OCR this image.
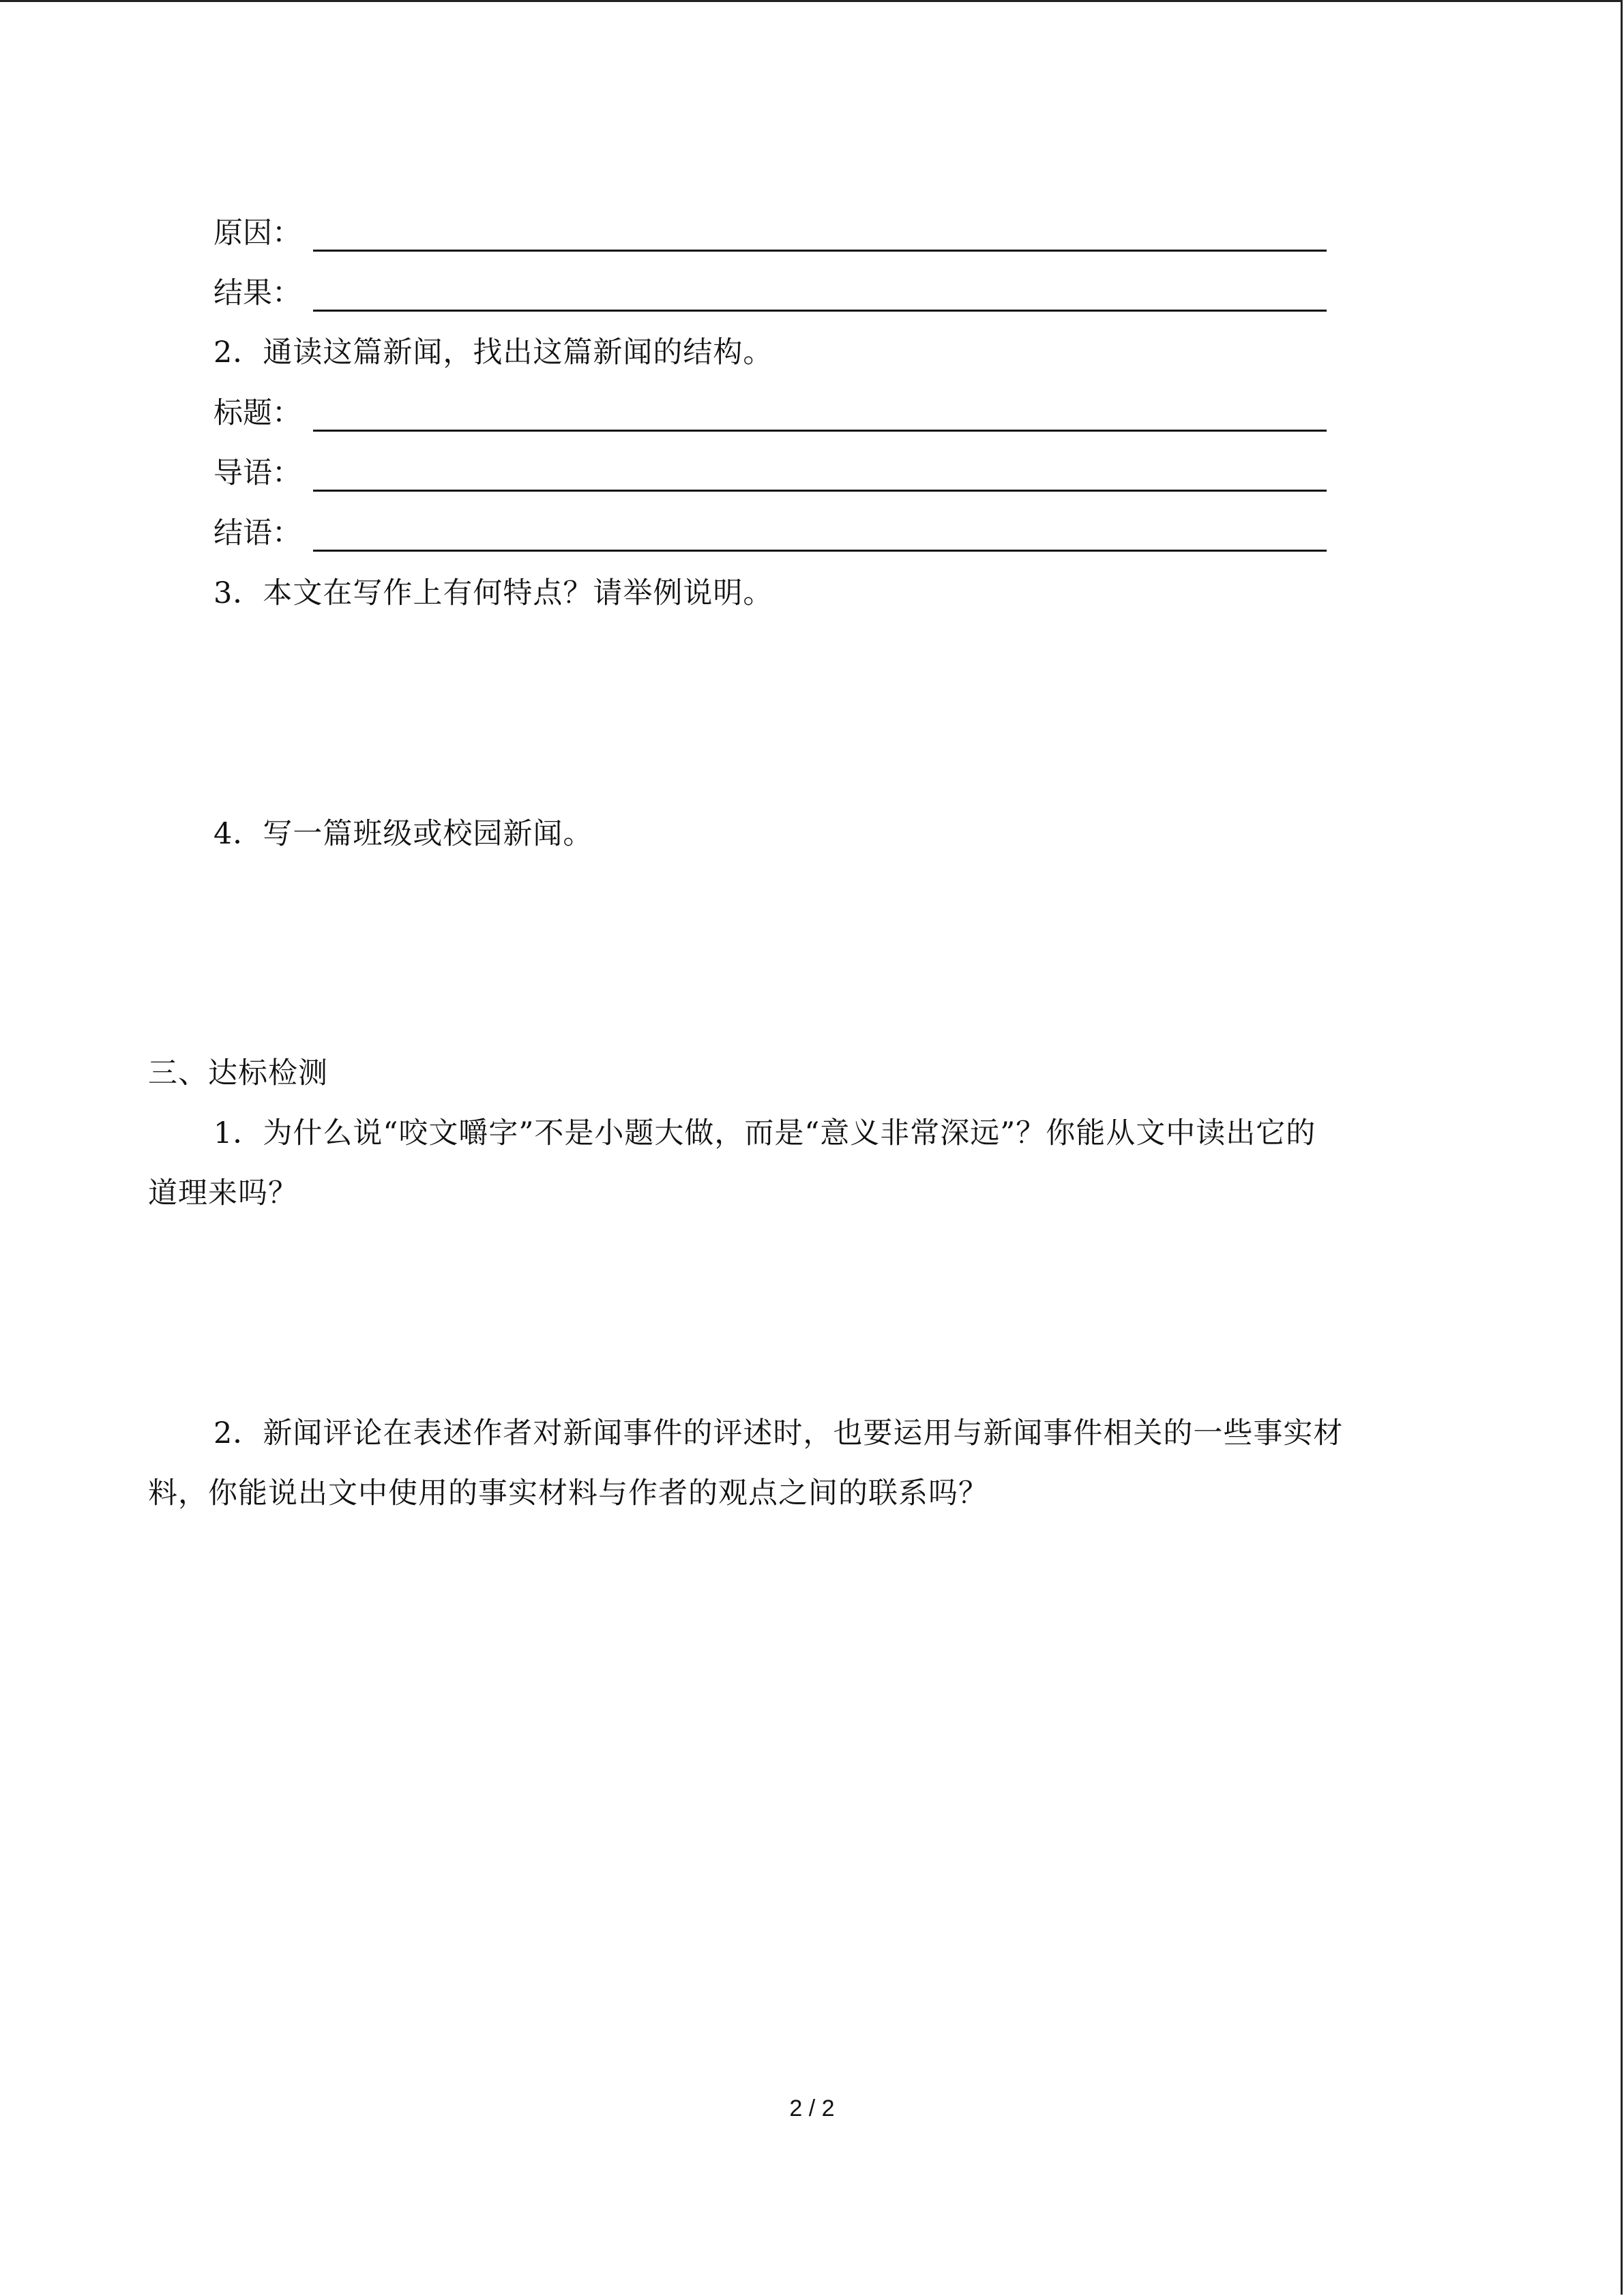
原因：
结果：
2．通读这篇新闻，找出这篇新闻的结构。
标题：
导语：
结语：
3．本文在写作上有何特点？请举例说明。
4．写一篇班级或校园新闻。
三、达标检测
1．为什么说“咬文嚼字”不是小题大做，而是“意义非常深远”？你能从文中读出它的
道理来吗？
2．新闻评论在表述作者对新闻事件的评述时，也要运用与新闻事件相关的一些事实材
料，你能说出文中使用的事实材料与作者的观点之间的联系吗？
2 / 2
